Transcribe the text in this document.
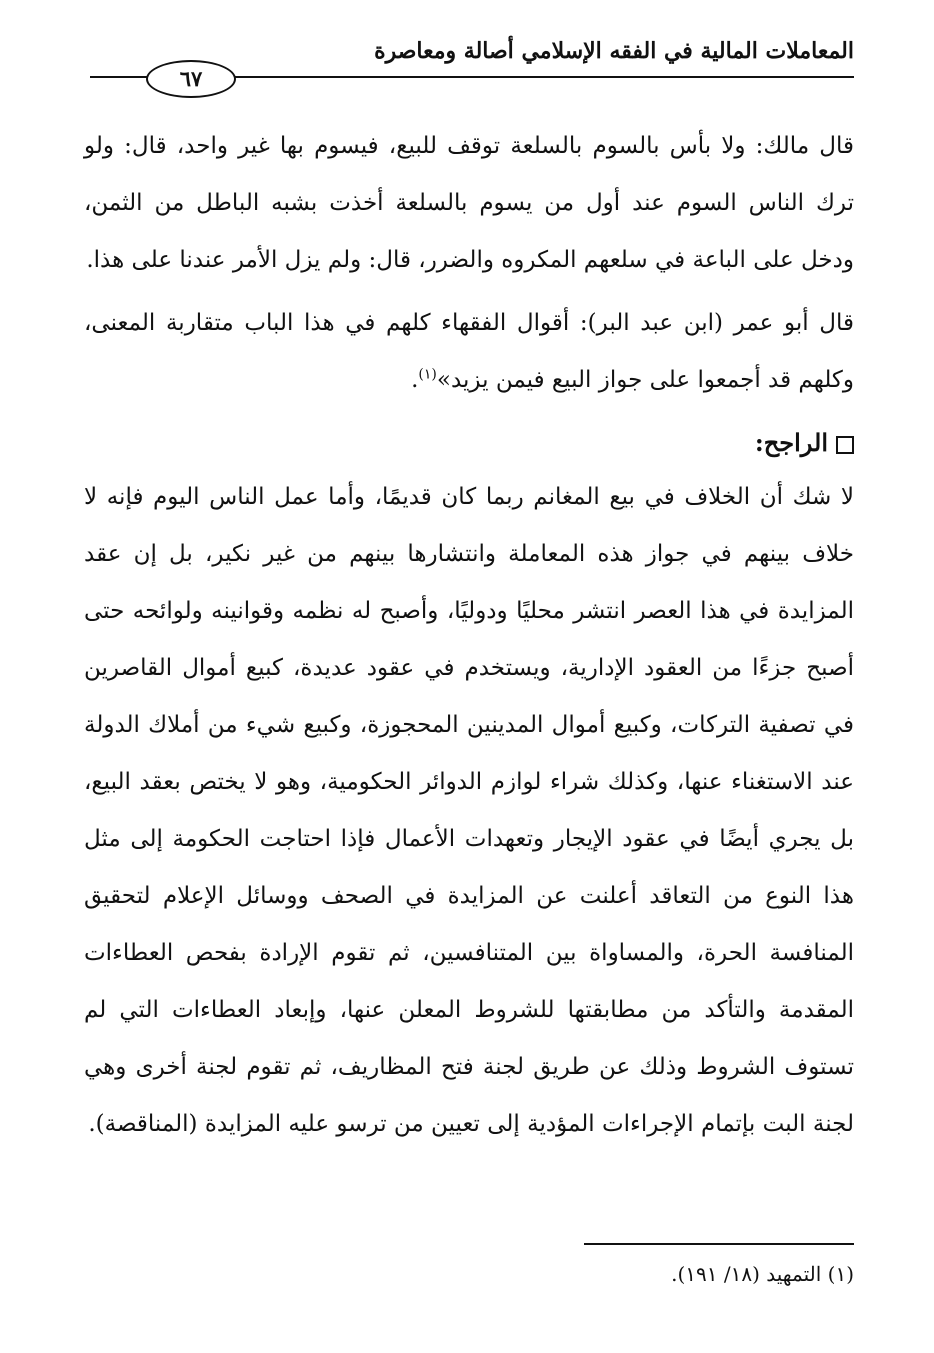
المعاملات المالية في الفقه الإسلامي أصالة ومعاصرة
٦٧

قال مالك: ولا بأس بالسوم بالسلعة توقف للبيع، فيسوم بها غير واحد، قال: ولو ترك الناس السوم عند أول من يسوم بالسلعة أخذت بشبه الباطل من الثمن، ودخل على الباعة في سلعهم المكروه والضرر، قال: ولم يزل الأمر عندنا على هذا.

قال أبو عمر (ابن عبد البر): أقوال الفقهاء كلهم في هذا الباب متقاربة المعنى، وكلهم قد أجمعوا على جواز البيع فيمن يزيد»$^{(١)}$.

الراجح:

لا شك أن الخلاف في بيع المغانم ربما كان قديمًا، وأما عمل الناس اليوم فإنه لا خلاف بينهم في جواز هذه المعاملة وانتشارها بينهم من غير نكير، بل إن عقد المزايدة في هذا العصر انتشر محليًا ودوليًا، وأصبح له نظمه وقوانينه ولوائحه حتى أصبح جزءًا من العقود الإدارية، ويستخدم في عقود عديدة، كبيع أموال القاصرين في تصفية التركات، وكبيع أموال المدينين المحجوزة، وكبيع شيء من أملاك الدولة عند الاستغناء عنها، وكذلك شراء لوازم الدوائر الحكومية، وهو لا يختص بعقد البيع، بل يجري أيضًا في عقود الإيجار وتعهدات الأعمال فإذا احتاجت الحكومة إلى مثل هذا النوع من التعاقد أعلنت عن المزايدة في الصحف ووسائل الإعلام لتحقيق المنافسة الحرة، والمساواة بين المتنافسين، ثم تقوم الإرادة بفحص العطاءات المقدمة والتأكد من مطابقتها للشروط المعلن عنها، وإبعاد العطاءات التي لم تستوف الشروط وذلك عن طريق لجنة فتح المظاريف، ثم تقوم لجنة أخرى وهي لجنة البت بإتمام الإجراءات المؤدية إلى تعيين من ترسو عليه المزايدة (المناقصة).

(١) التمهيد (١٨/ ١٩١).
